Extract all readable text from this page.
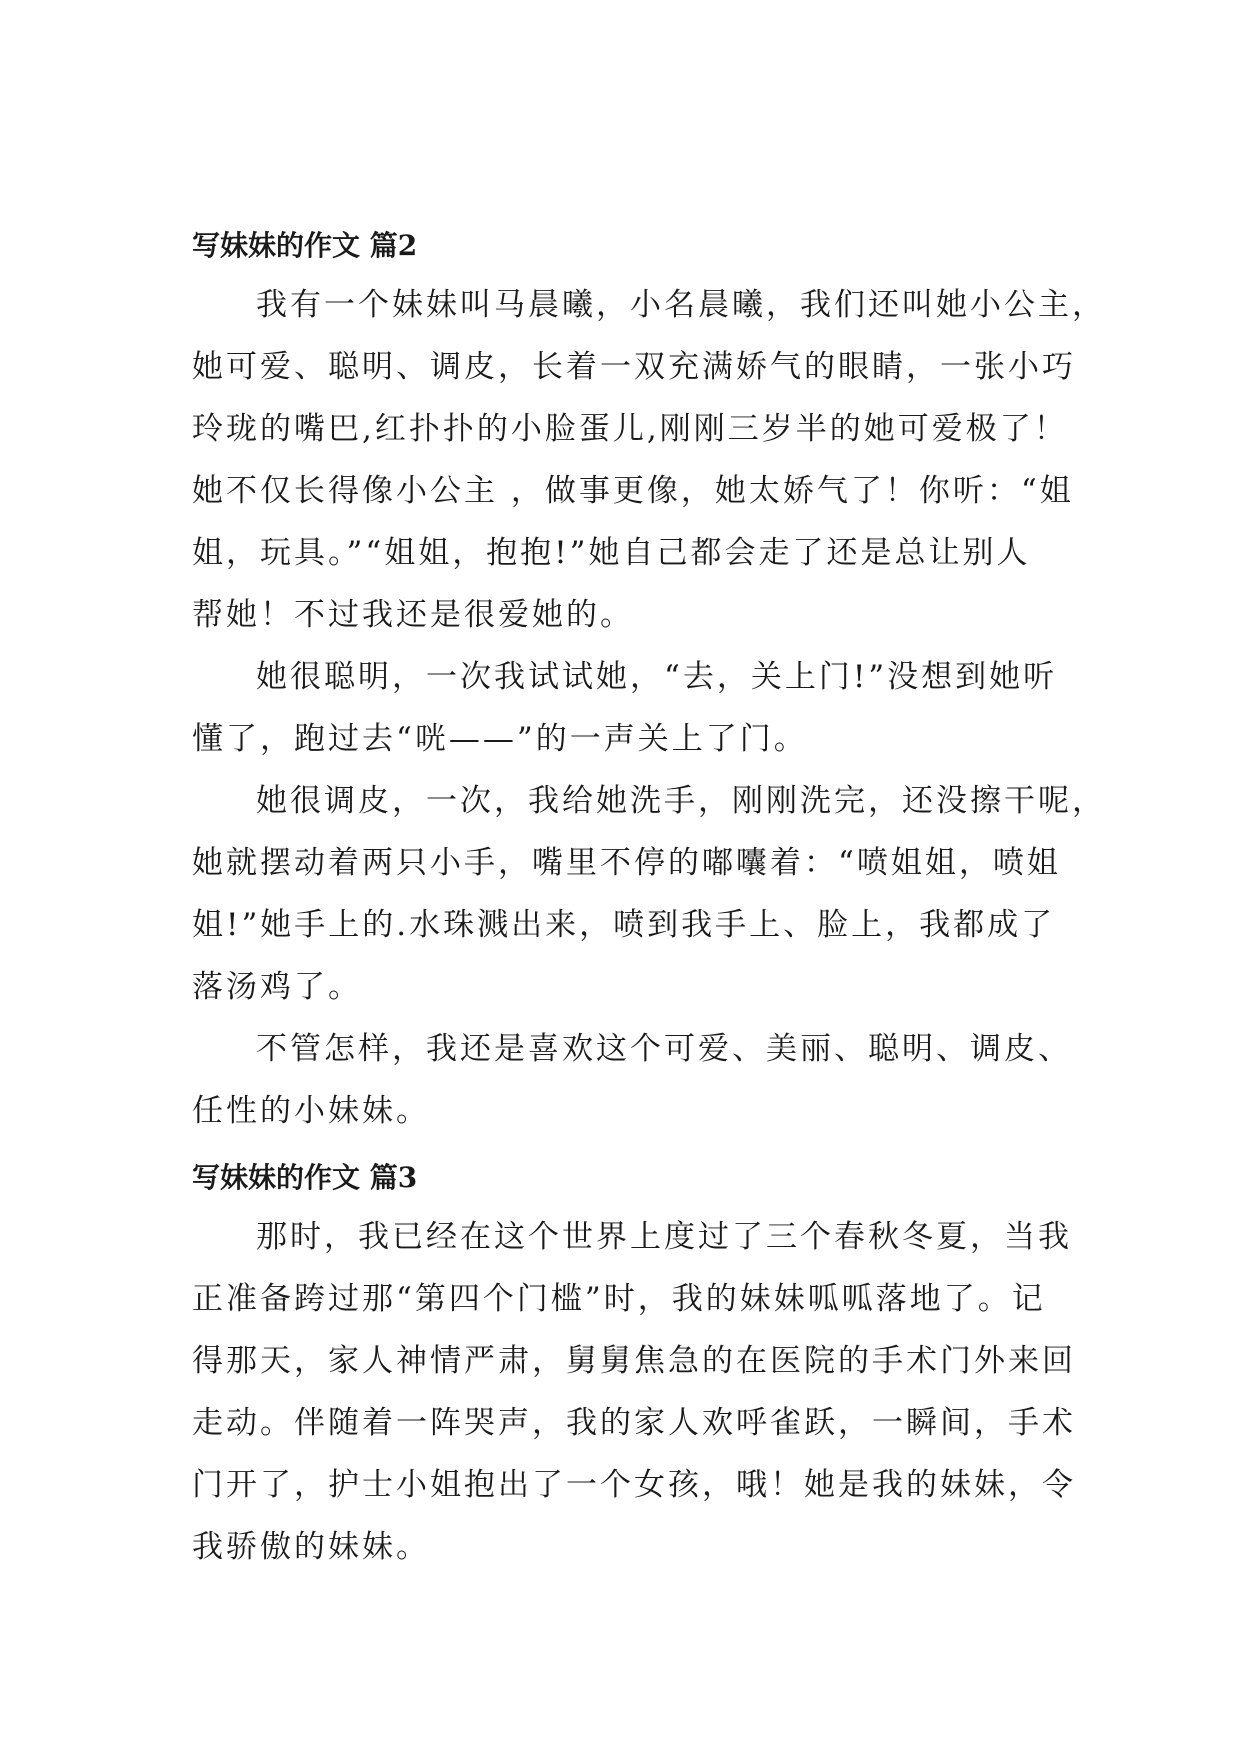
写妹妹的作文 篇2

我有一个妹妹叫马晨曦，小名晨曦，我们还叫她小公主，
她可爱、聪明、调皮，长着一双充满娇气的眼睛，一张小巧
玲珑的嘴巴,红扑扑的小脸蛋儿,刚刚三岁半的她可爱极了！
她不仅长得像小公主 ，做事更像，她太娇气了！你听：“姐
姐，玩具。”“姐姐，抱抱!”她自己都会走了还是总让别人
帮她！不过我还是很爱她的。

她很聪明，一次我试试她，“去，关上门!”没想到她听
懂了，跑过去“咣——”的一声关上了门。

她很调皮，一次，我给她洗手，刚刚洗完，还没擦干呢，
她就摆动着两只小手，嘴里不停的嘟囔着：“喷姐姐，喷姐
姐!”她手上的.水珠溅出来，喷到我手上、脸上，我都成了
落汤鸡了。

不管怎样，我还是喜欢这个可爱、美丽、聪明、调皮、
任性的小妹妹。

写妹妹的作文 篇3

那时，我已经在这个世界上度过了三个春秋冬夏，当我
正准备跨过那“第四个门槛”时，我的妹妹呱呱落地了。记
得那天，家人神情严肃，舅舅焦急的在医院的手术门外来回
走动。伴随着一阵哭声，我的家人欢呼雀跃，一瞬间，手术
门开了，护士小姐抱出了一个女孩，哦！她是我的妹妹，令
我骄傲的妹妹。
